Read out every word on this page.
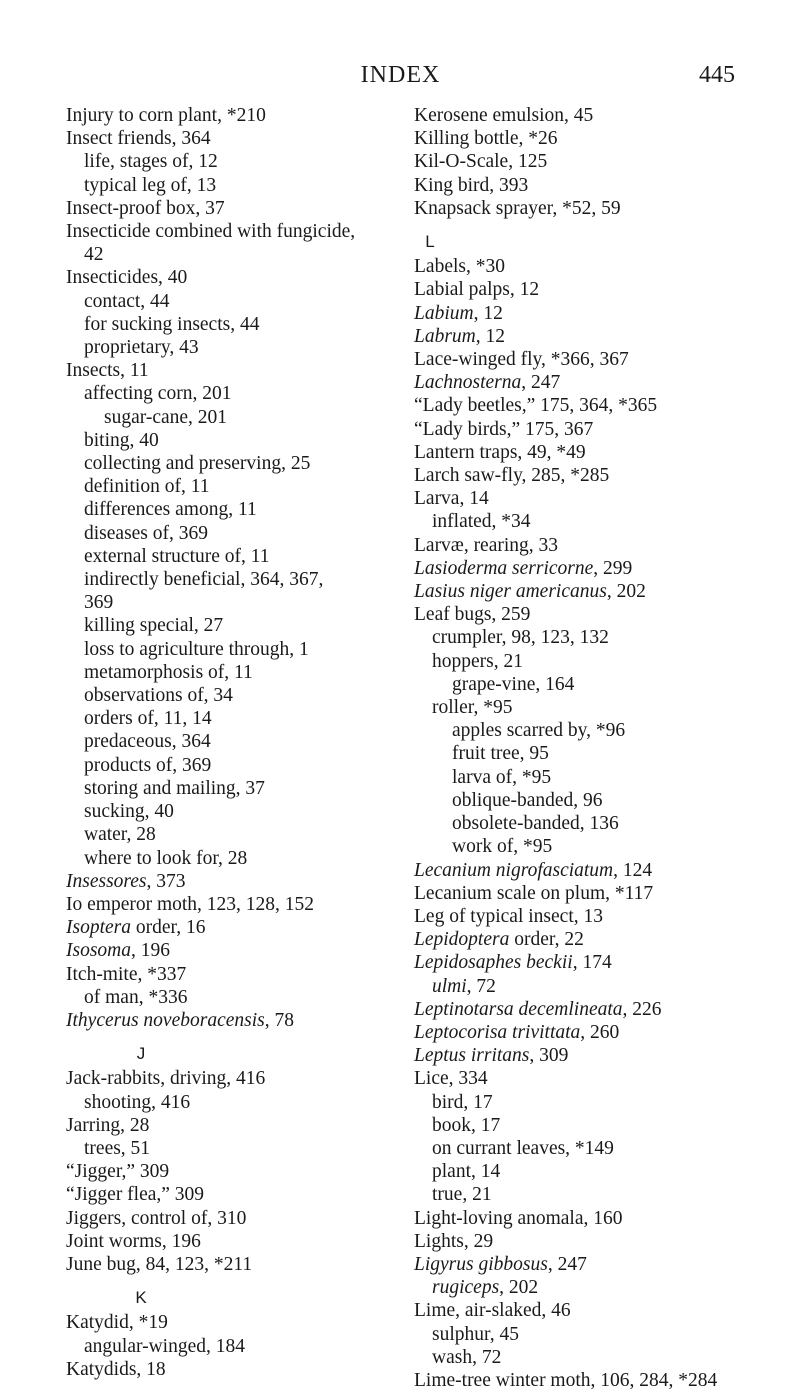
INDEX	445
Injury to corn plant, *210
Insect friends, 364
life, stages of, 12
typical leg of, 13
Insect-proof box, 37
Insecticide combined with fungicide,
42
Insecticides, 40
contact, 44
for sucking insects, 44
proprietary, 43
Insects, 11
affecting corn, 201
sugar-cane, 201
biting, 40
collecting and preserving, 25
definition of, 11
differences among, 11
diseases of, 369
external structure of, 11
indirectly beneficial, 364, 367,
369
killing special, 27
loss to agriculture through, 1
metamorphosis of, 11
observations of, 34
orders of, 11, 14
predaceous, 364
products of, 369
storing and mailing, 37
sucking, 40
water, 28
where to look for, 28
Insessores, 373
Io emperor moth, 123, 128, 152
Isoptera order, 16
Isosoma, 196
Itch-mite, *337
of man, *336
Ithycerus noveboracensis, 78
J
Jack-rabbits, driving, 416
shooting, 416
Jarring, 28
trees, 51
“Jigger,” 309
“Jigger flea,” 309
Jiggers, control of, 310
Joint worms, 196
June bug, 84, 123, *211
K
Katydid, *19
angular-winged, 184
Katydids, 18
Kerosene emulsion, 45
Killing bottle, *26
Kil-O-Scale, 125
King bird, 393
Knapsack sprayer, *52, 59
L
Labels, *30
Labial palps, 12
Labium, 12
Labrum, 12
Lace-winged fly, *366, 367
Lachnosterna, 247
“Lady beetles,” 175, 364, *365
“Lady birds,” 175, 367
Lantern traps, 49, *49
Larch saw-fly, 285, *285
Larva, 14
inflated, *34
Larvæ, rearing, 33
Lasioderma serricorne, 299
Lasius niger americanus, 202
Leaf bugs, 259
crumpler, 98, 123, 132
hoppers, 21
grape-vine, 164
roller, *95
apples scarred by, *96
fruit tree, 95
larva of, *95
oblique-banded, 96
obsolete-banded, 136
work of, *95
Lecanium nigrofasciatum, 124
Lecanium scale on plum, *117
Leg of typical insect, 13
Lepidoptera order, 22
Lepidosaphes beckii, 174
ulmi, 72
Leptinotarsa decemlineata, 226
Leptocorisa trivittata, 260
Leptus irritans, 309
Lice, 334
bird, 17
book, 17
on currant leaves, *149
plant, 14
true, 21
Light-loving anomala, 160
Lights, 29
Ligyrus gibbosus, 247
rugiceps, 202
Lime, air-slaked, 46
sulphur, 45
wash, 72
Lime-tree winter moth, 106, 284, *284
